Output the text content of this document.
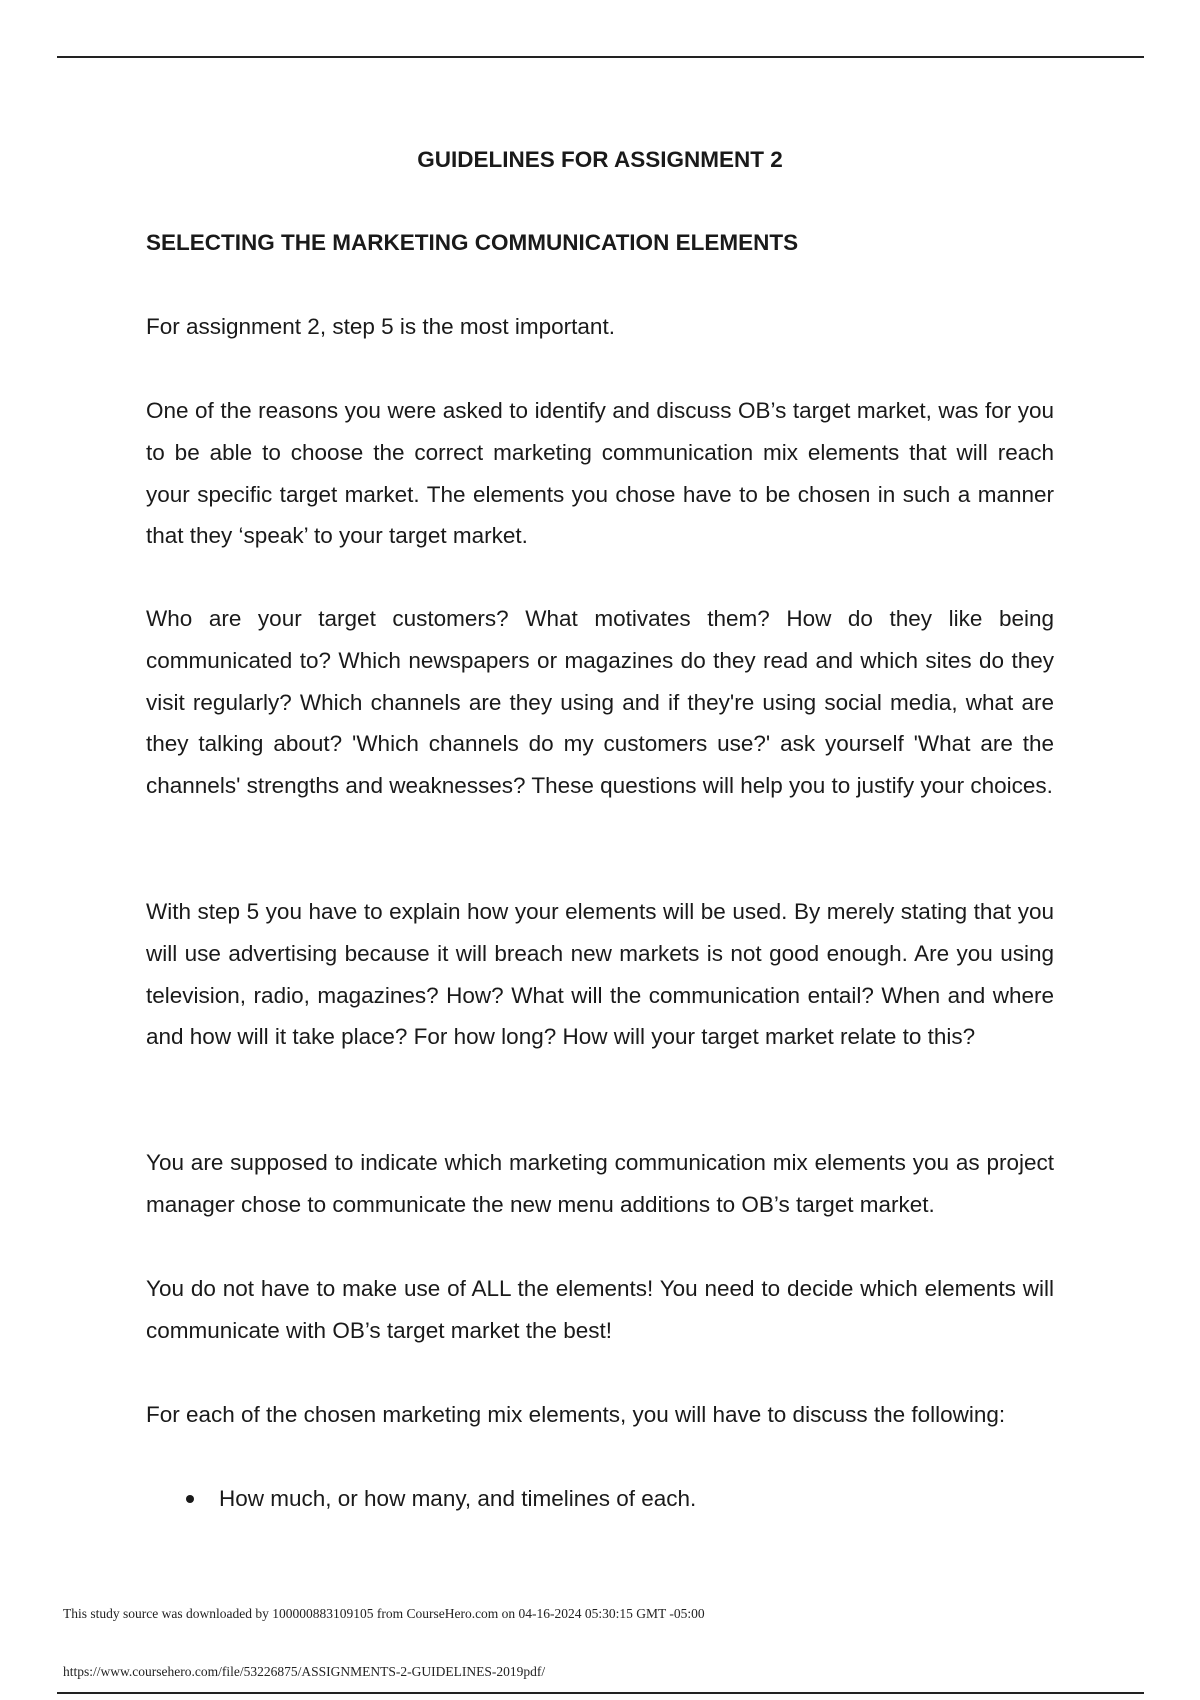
GUIDELINES FOR ASSIGNMENT 2
SELECTING THE MARKETING COMMUNICATION ELEMENTS

For assignment 2, step 5 is the most important.

One of the reasons you were asked to identify and discuss OB’s target market, was for you to be able to choose the correct marketing communication mix elements that will reach your specific target market. The elements you chose have to be chosen in such a manner that they ‘speak’ to your target market.

Who are your target customers? What motivates them? How do they like being communicated to? Which newspapers or magazines do they read and which sites do they visit regularly? Which channels are they using and if they're using social media, what are they talking about? 'Which channels do my customers use?' ask yourself 'What are the channels' strengths and weaknesses? These questions will help you to justify your choices.

With step 5 you have to explain how your elements will be used. By merely stating that you will use advertising because it will breach new markets is not good enough. Are you using television, radio, magazines? How? What will the communication entail? When and where and how will it take place? For how long? How will your target market relate to this?

You are supposed to indicate which marketing communication mix elements you as project manager chose to communicate the new menu additions to OB’s target market.

You do not have to make use of ALL the elements! You need to decide which elements will communicate with OB’s target market the best!

For each of the chosen marketing mix elements, you will have to discuss the following:

How much, or how many, and timelines of each.
This study source was downloaded by 100000883109105 from CourseHero.com on 04-16-2024 05:30:15 GMT -05:00
https://www.coursehero.com/file/53226875/ASSIGNMENTS-2-GUIDELINES-2019pdf/
